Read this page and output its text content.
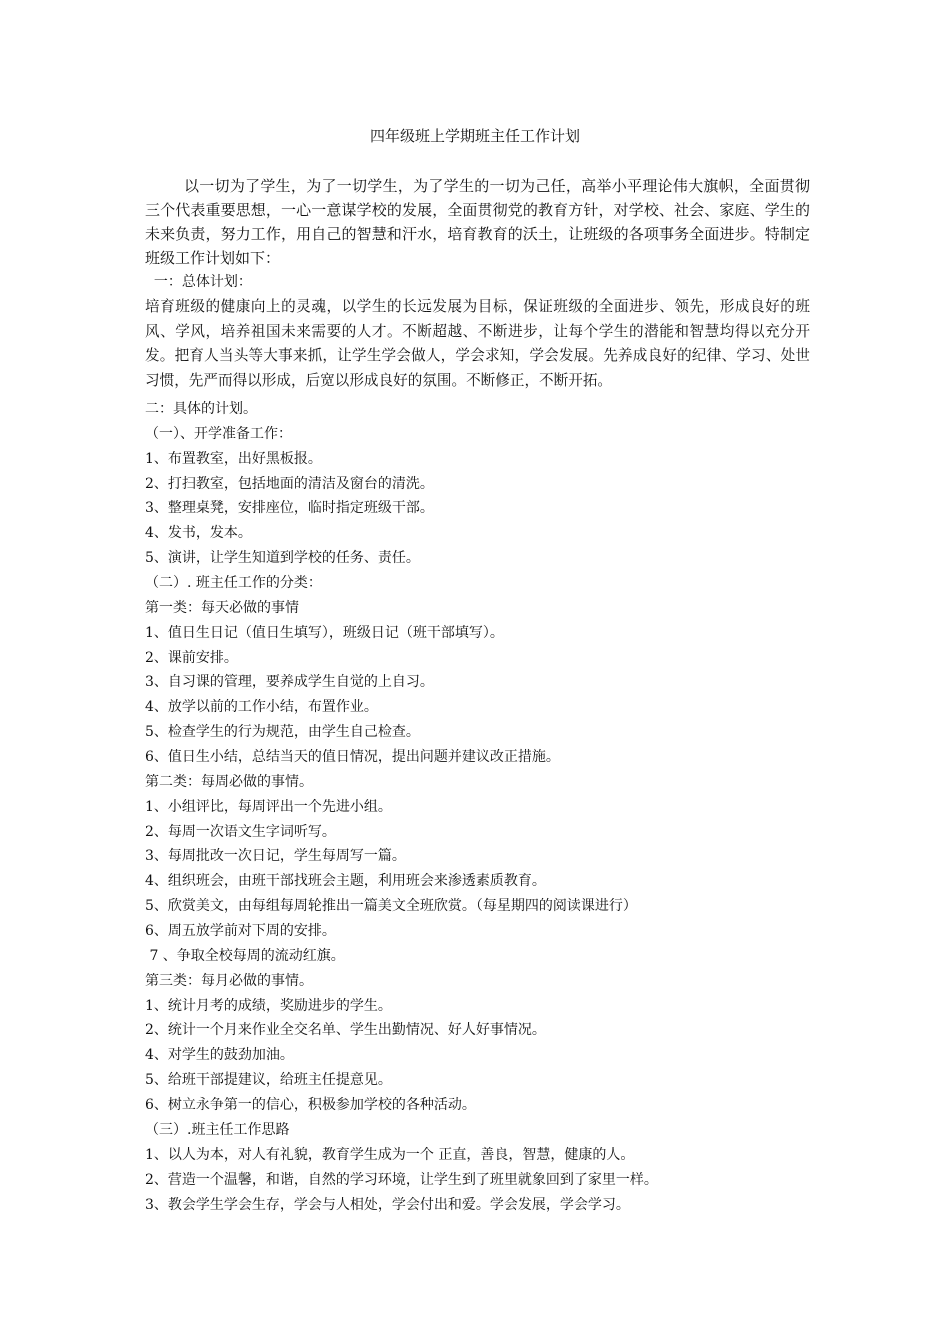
四年级班上学期班主任工作计划

以一切为了学生，为了一切学生，为了学生的一切为己任，高举小平理论伟大旗帜，全面贯彻三个代表重要思想，一心一意谋学校的发展，全面贯彻党的教育方针，对学校、社会、家庭、学生的未来负责，努力工作，用自己的智慧和汗水，培育教育的沃土，让班级的各项事务全面进步。特制定班级工作计划如下：

一：总体计划：

培育班级的健康向上的灵魂，以学生的长远发展为目标，保证班级的全面进步、领先，形成良好的班风、学风，培养祖国未来需要的人才。不断超越、不断进步，让每个学生的潜能和智慧均得以充分开发。把育人当头等大事来抓，让学生学会做人，学会求知，学会发展。先养成良好的纪律、学习、处世习惯，先严而得以形成，后宽以形成良好的氛围。不断修正，不断开拓。

二：具体的计划。
（一）、开学准备工作：
1、布置教室，出好黑板报。
2、打扫教室，包括地面的清洁及窗台的清洗。
3、整理桌凳，安排座位，临时指定班级干部。
4、发书，发本。
5、演讲，让学生知道到学校的任务、责任。
（二）. 班主任工作的分类：
第一类：每天必做的事情
1、值日生日记（值日生填写），班级日记（班干部填写）。
2、课前安排。
3、自习课的管理，要养成学生自觉的上自习。
4、放学以前的工作小结，布置作业。
5、检查学生的行为规范，由学生自己检查。
6、值日生小结，总结当天的值日情况，提出问题并建议改正措施。
第二类：每周必做的事情。
1、小组评比，每周评出一个先进小组。
2、每周一次语文生字词听写。
3、每周批改一次日记，学生每周写一篇。
4、组织班会，由班干部找班会主题，利用班会来渗透素质教育。
5、欣赏美文，由每组每周轮推出一篇美文全班欣赏。（每星期四的阅读课进行）
6、周五放学前对下周的安排。
7 、争取全校每周的流动红旗。
第三类：每月必做的事情。
1、统计月考的成绩，奖励进步的学生。
2、统计一个月来作业全交名单、学生出勤情况、好人好事情况。
4、对学生的鼓劲加油。
5、给班干部提建议，给班主任提意见。
6、树立永争第一的信心，积极参加学校的各种活动。
（三）.班主任工作思路
1、以人为本，对人有礼貌，教育学生成为一个 正直，善良，智慧，健康的人。
2、营造一个温馨，和谐，自然的学习环境，让学生到了班里就象回到了家里一样。
3、教会学生学会生存，学会与人相处，学会付出和爱。学会发展，学会学习。
